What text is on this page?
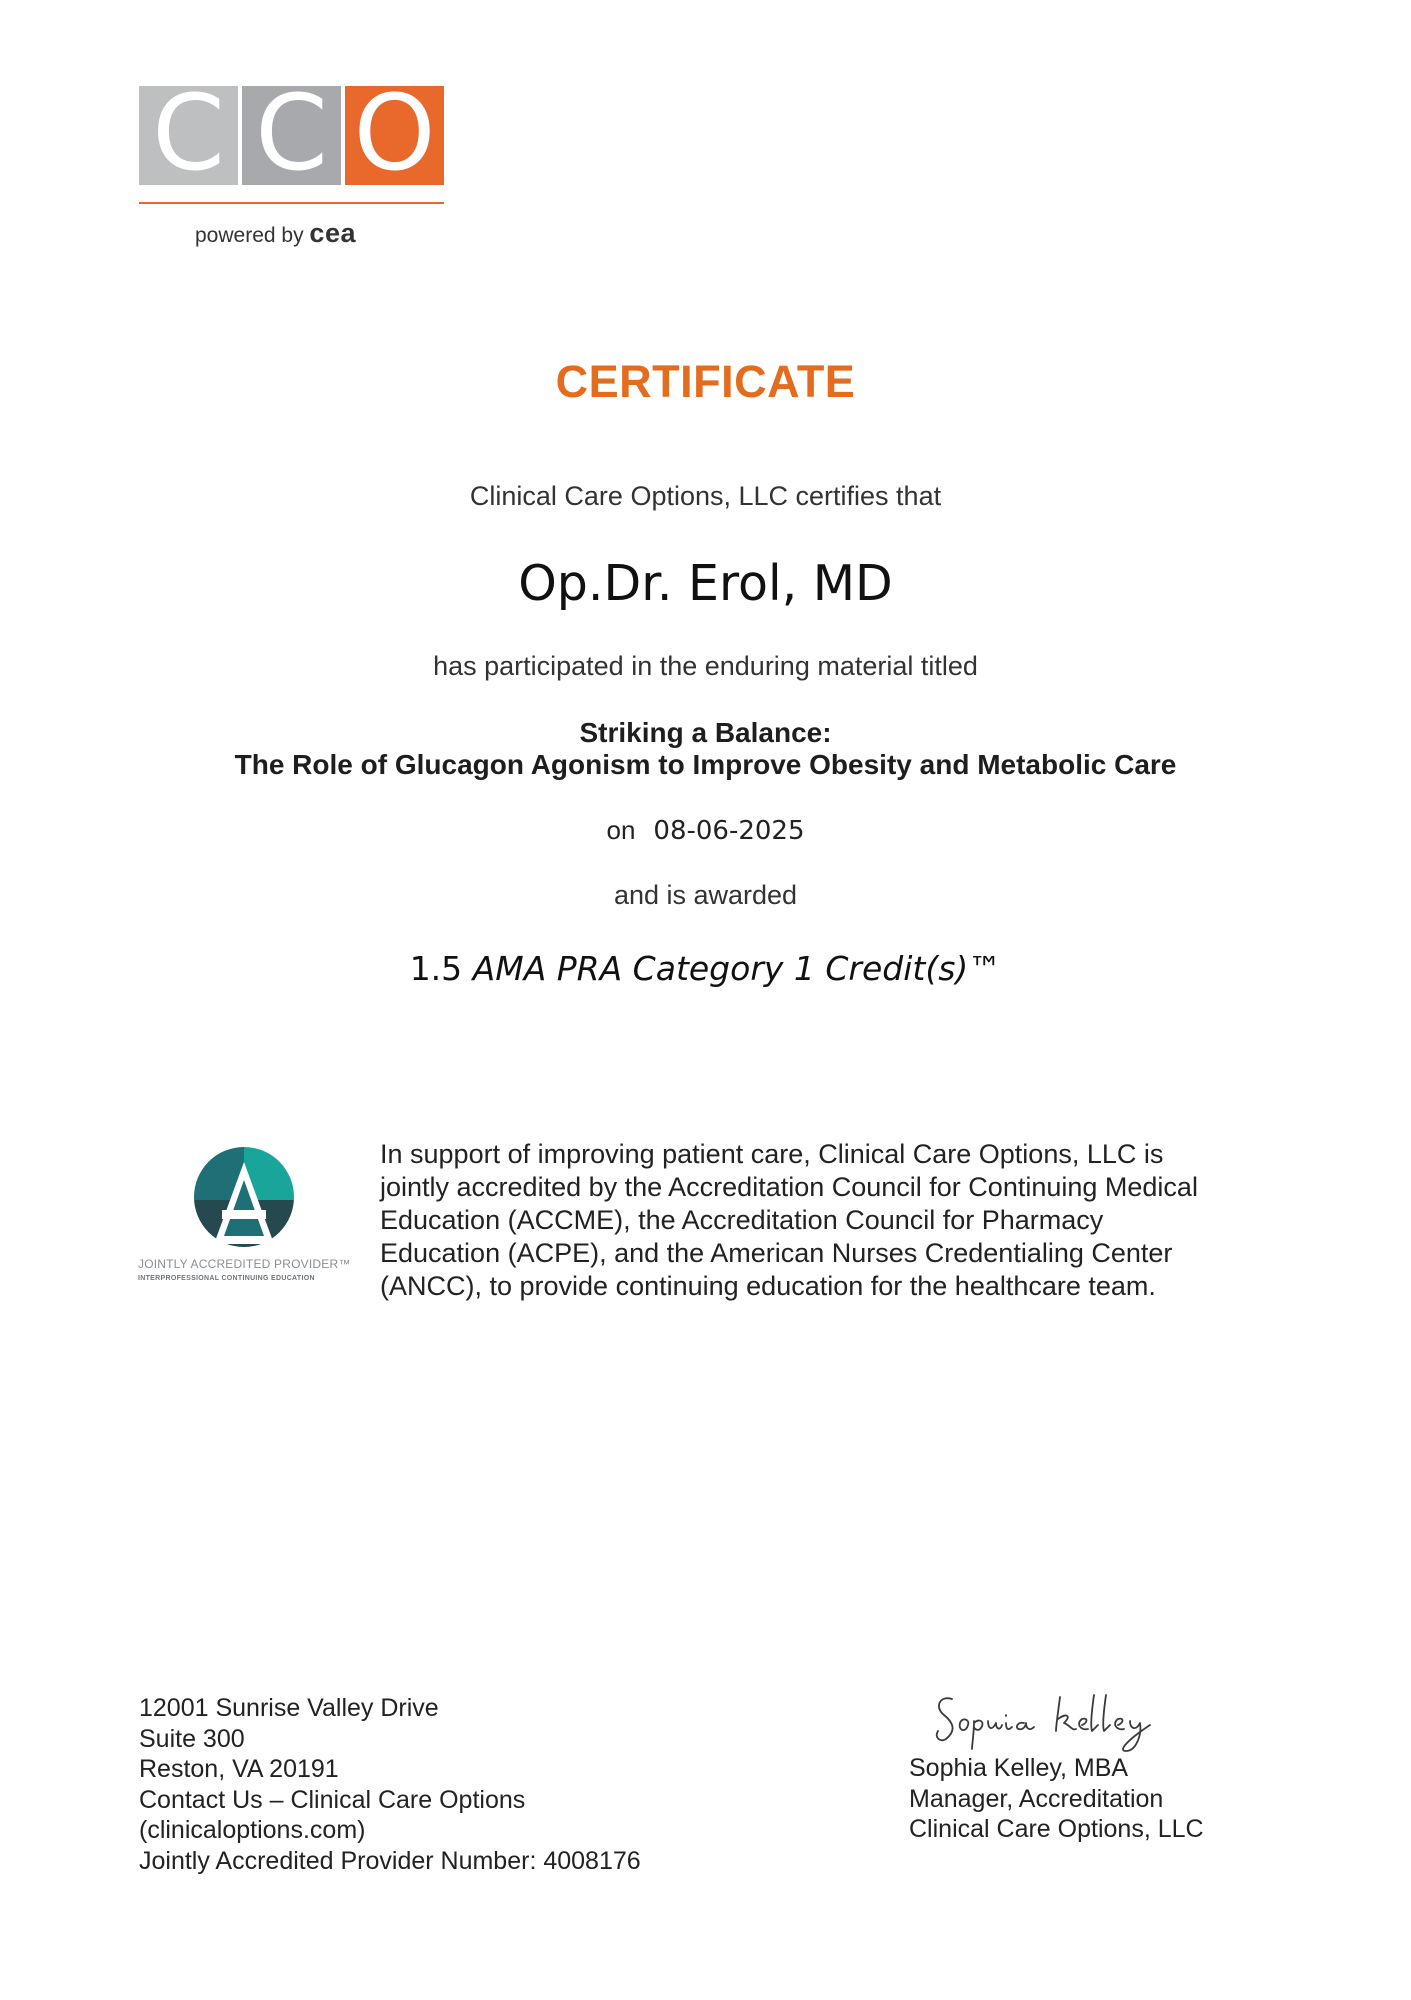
C C O
powered by cea
CERTIFICATE
Clinical Care Options, LLC certifies that
Op.Dr. Erol, MD
has participated in the enduring material titled
Striking a Balance:
The Role of Glucagon Agonism to Improve Obesity and Metabolic Care
on 08-06-2025
and is awarded
1.5 AMA PRA Category 1 Credit(s)™
JOINTLY ACCREDITED PROVIDER™
INTERPROFESSIONAL CONTINUING EDUCATION
In support of improving patient care, Clinical Care Options, LLC is
jointly accredited by the Accreditation Council for Continuing Medical
Education (ACCME), the Accreditation Council for Pharmacy
Education (ACPE), and the American Nurses Credentialing Center
(ANCC), to provide continuing education for the healthcare team.
12001 Sunrise Valley Drive
Suite 300
Reston, VA 20191
Contact Us – Clinical Care Options
(clinicaloptions.com)
Jointly Accredited Provider Number: 4008176
Sophia Kelley, MBA
Manager, Accreditation
Clinical Care Options, LLC
